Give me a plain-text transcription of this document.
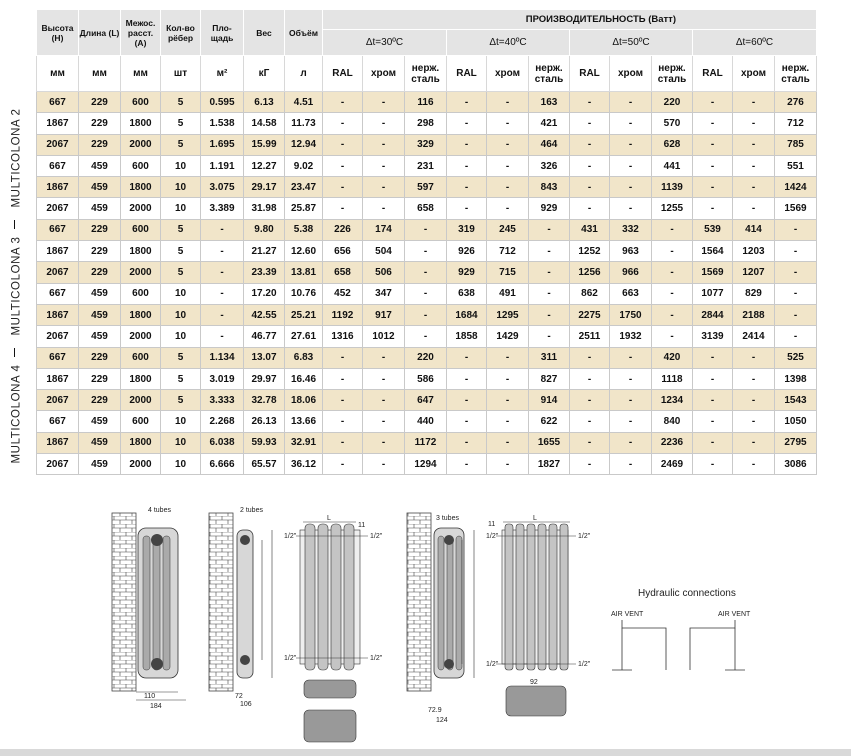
Высота (H)	Длина (L)	Межос. расст. (A)	Кол-во рёбер	Пло- щадь	Вес	Объём	ПРОИЗВОДИТЕЛЬНОСТЬ (Ватт)											
							Δt=30ºC			Δt=40ºC			Δt=50ºC			Δt=60ºC		
мм	мм	мм	шт	м²	кГ	л	RAL	хром	нерж. сталь	RAL	хром	нерж. сталь	RAL	хром	нерж. сталь	RAL	хром	нерж. сталь
667	229	600	5	0.595	6.13	4.51	-	-	116	-	-	163	-	-	220	-	-	276
1867	229	1800	5	1.538	14.58	11.73	-	-	298	-	-	421	-	-	570	-	-	712
2067	229	2000	5	1.695	15.99	12.94	-	-	329	-	-	464	-	-	628	-	-	785
667	459	600	10	1.191	12.27	9.02	-	-	231	-	-	326	-	-	441	-	-	551
1867	459	1800	10	3.075	29.17	23.47	-	-	597	-	-	843	-	-	1139	-	-	1424
2067	459	2000	10	3.389	31.98	25.87	-	-	658	-	-	929	-	-	1255	-	-	1569
667	229	600	5	-	9.80	5.38	226	174	-	319	245	-	431	332	-	539	414	-
1867	229	1800	5	-	21.27	12.60	656	504	-	926	712	-	1252	963	-	1564	1203	-
2067	229	2000	5	-	23.39	13.81	658	506	-	929	715	-	1256	966	-	1569	1207	-
667	459	600	10	-	17.20	10.76	452	347	-	638	491	-	862	663	-	1077	829	-
1867	459	1800	10	-	42.55	25.21	1192	917	-	1684	1295	-	2275	1750	-	2844	2188	-
2067	459	2000	10	-	46.77	27.61	1316	1012	-	1858	1429	-	2511	1932	-	3139	2414	-
667	229	600	5	1.134	13.07	6.83	-	-	220	-	-	311	-	-	420	-	-	525
1867	229	1800	5	3.019	29.97	16.46	-	-	586	-	-	827	-	-	1118	-	-	1398
2067	229	2000	5	3.333	32.78	18.06	-	-	647	-	-	914	-	-	1234	-	-	1543
667	459	600	10	2.268	26.13	13.66	-	-	440	-	-	622	-	-	840	-	-	1050
1867	459	1800	10	6.038	59.93	32.91	-	-	1172	-	-	1655	-	-	2236	-	-	2795
2067	459	2000	10	6.666	65.57	36.12	-	-	1294	-	-	1827	-	-	2469	-	-	3086
MULTICOLONA 2
MULTICOLONA 3
MULTICOLONA 4
4 tubes
110
184
2 tubes
72
106
L
11
1/2"	1/2"
1/2"	1/2"
3 tubes
72.9
124
L
11
1/2"	1/2"
1/2"	1/2"
92
Hydraulic connections
AIR VENT	AIR VENT
